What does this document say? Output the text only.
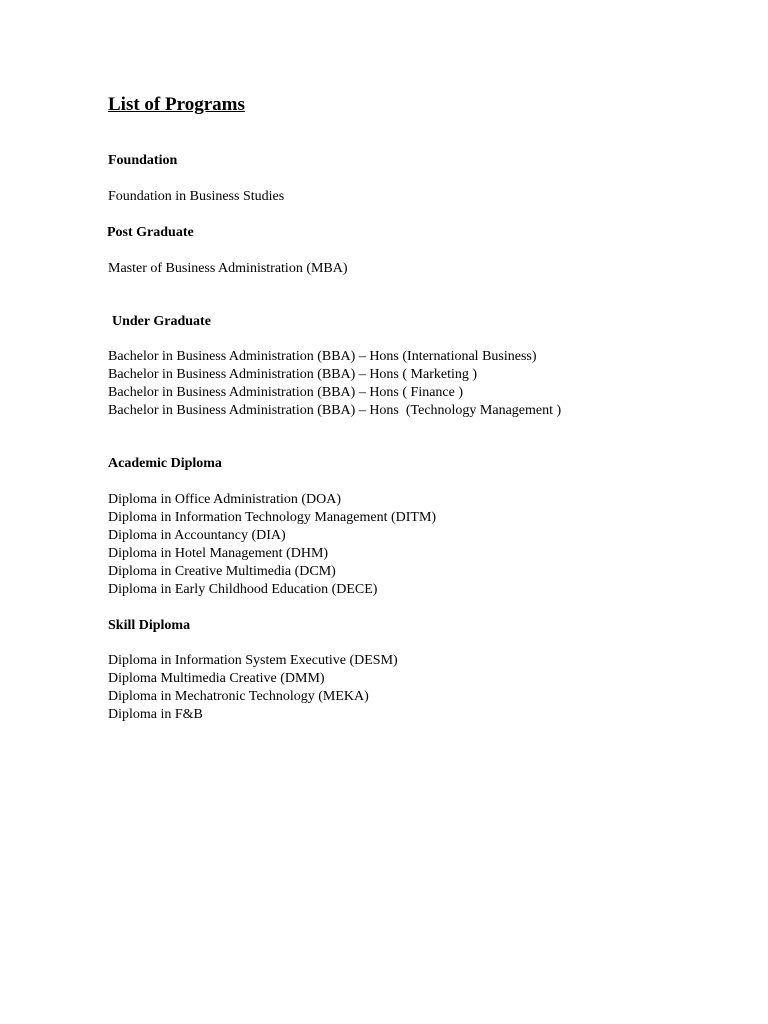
List of Programs
Foundation
Foundation in Business Studies
Post Graduate
Master of Business Administration (MBA)
Under Graduate
Bachelor in Business Administration (BBA) – Hons (International Business)
Bachelor in Business Administration (BBA) – Hons ( Marketing )
Bachelor in Business Administration (BBA) – Hons ( Finance )
Bachelor in Business Administration (BBA) – Hons  (Technology Management )
Academic Diploma
Diploma in Office Administration (DOA)
Diploma in Information Technology Management (DITM)
Diploma in Accountancy (DIA)
Diploma in Hotel Management (DHM)
Diploma in Creative Multimedia (DCM)
Diploma in Early Childhood Education (DECE)
Skill Diploma
Diploma in Information System Executive (DESM)
Diploma Multimedia Creative (DMM)
Diploma in Mechatronic Technology (MEKA)
Diploma in F&B
